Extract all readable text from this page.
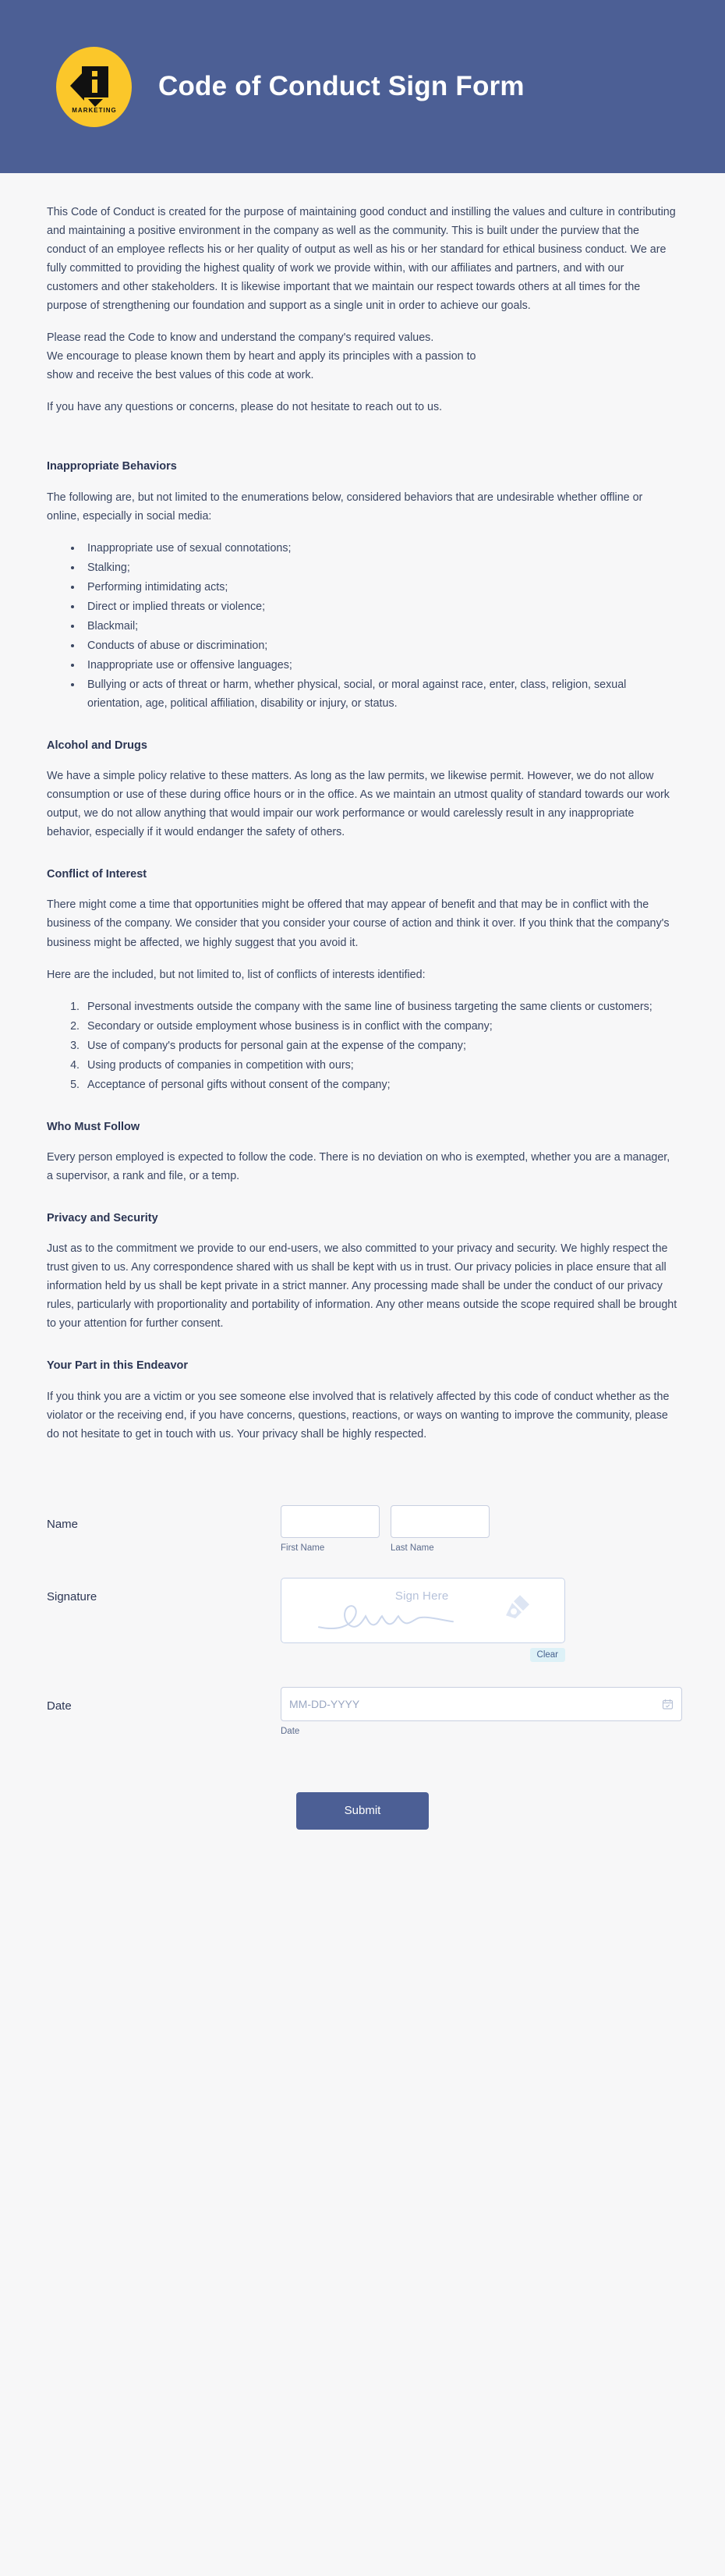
MARKETING
Code of Conduct Sign Form

This Code of Conduct is created for the purpose of maintaining good conduct and instilling the values and culture in contributing and maintaining a positive environment in the company as well as the community. This is built under the purview that the conduct of an employee reflects his or her quality of output as well as his or her standard for ethical business conduct. We are fully committed to providing the highest quality of work we provide within, with our affiliates and partners, and with our customers and other stakeholders. It is likewise important that we maintain our respect towards others at all times for the purpose of strengthening our foundation and support as a single unit in order to achieve our goals.

Please read the Code to know and understand the company's required values.

We encourage to please known them by heart and apply its principles with a passion to

show and receive the best values of this code at work.

If you have any questions or concerns, please do not hesitate to reach out to us.

Inappropriate Behaviors

The following are, but not limited to the enumerations below, considered behaviors that are undesirable whether offline or online, especially in social media:

• Inappropriate use of sexual connotations;
• Stalking;
• Performing intimidating acts;
• Direct or implied threats or violence;
• Blackmail;
• Conducts of abuse or discrimination;
• Inappropriate use or offensive languages;
• Bullying or acts of threat or harm, whether physical, social, or moral against race, enter, class, religion, sexual orientation, age, political affiliation, disability or injury, or status.
Alcohol and Drugs

We have a simple policy relative to these matters. As long as the law permits, we likewise permit. However, we do not allow consumption or use of these during office hours or in the office. As we maintain an utmost quality of standard towards our work output, we do not allow anything that would impair our work performance or would carelessly result in any inappropriate behavior, especially if it would endanger the safety of others.

Conflict of Interest

There might come a time that opportunities might be offered that may appear of benefit and that may be in conflict with the business of the company. We consider that you consider your course of action and think it over. If you think that the company's business might be affected, we highly suggest that you avoid it.

Here are the included, but not limited to, list of conflicts of interests identified:

1. Personal investments outside the company with the same line of business targeting the same clients or customers;
2. Secondary or outside employment whose business is in conflict with the company;
3. Use of company's products for personal gain at the expense of the company;
4. Using products of companies in competition with ours;
5. Acceptance of personal gifts without consent of the company;
Who Must Follow

Every person employed is expected to follow the code. There is no deviation on who is exempted, whether you are a manager, a supervisor, a rank and file, or a temp.

Privacy and Security

Just as to the commitment we provide to our end-users, we also committed to your privacy and security. We highly respect the trust given to us. Any correspondence shared with us shall be kept with us in trust. Our privacy policies in place ensure that all information held by us shall be kept private in a strict manner. Any processing made shall be under the conduct of our privacy rules, particularly with proportionality and portability of information. Any other means outside the scope required shall be brought to your attention for further consent.

Your Part in this Endeavor

If you think you are a victim or you see someone else involved that is relatively affected by this code of conduct whether as the violator or the receiving end, if you have concerns, questions, reactions, or ways on wanting to improve the community, please do not hesitate to get in touch with us. Your privacy shall be highly respected.

Name
First Name	Last Name
Signature	Sign Here
Clear
Date
MM-DD-YYYY
Date
Submit
